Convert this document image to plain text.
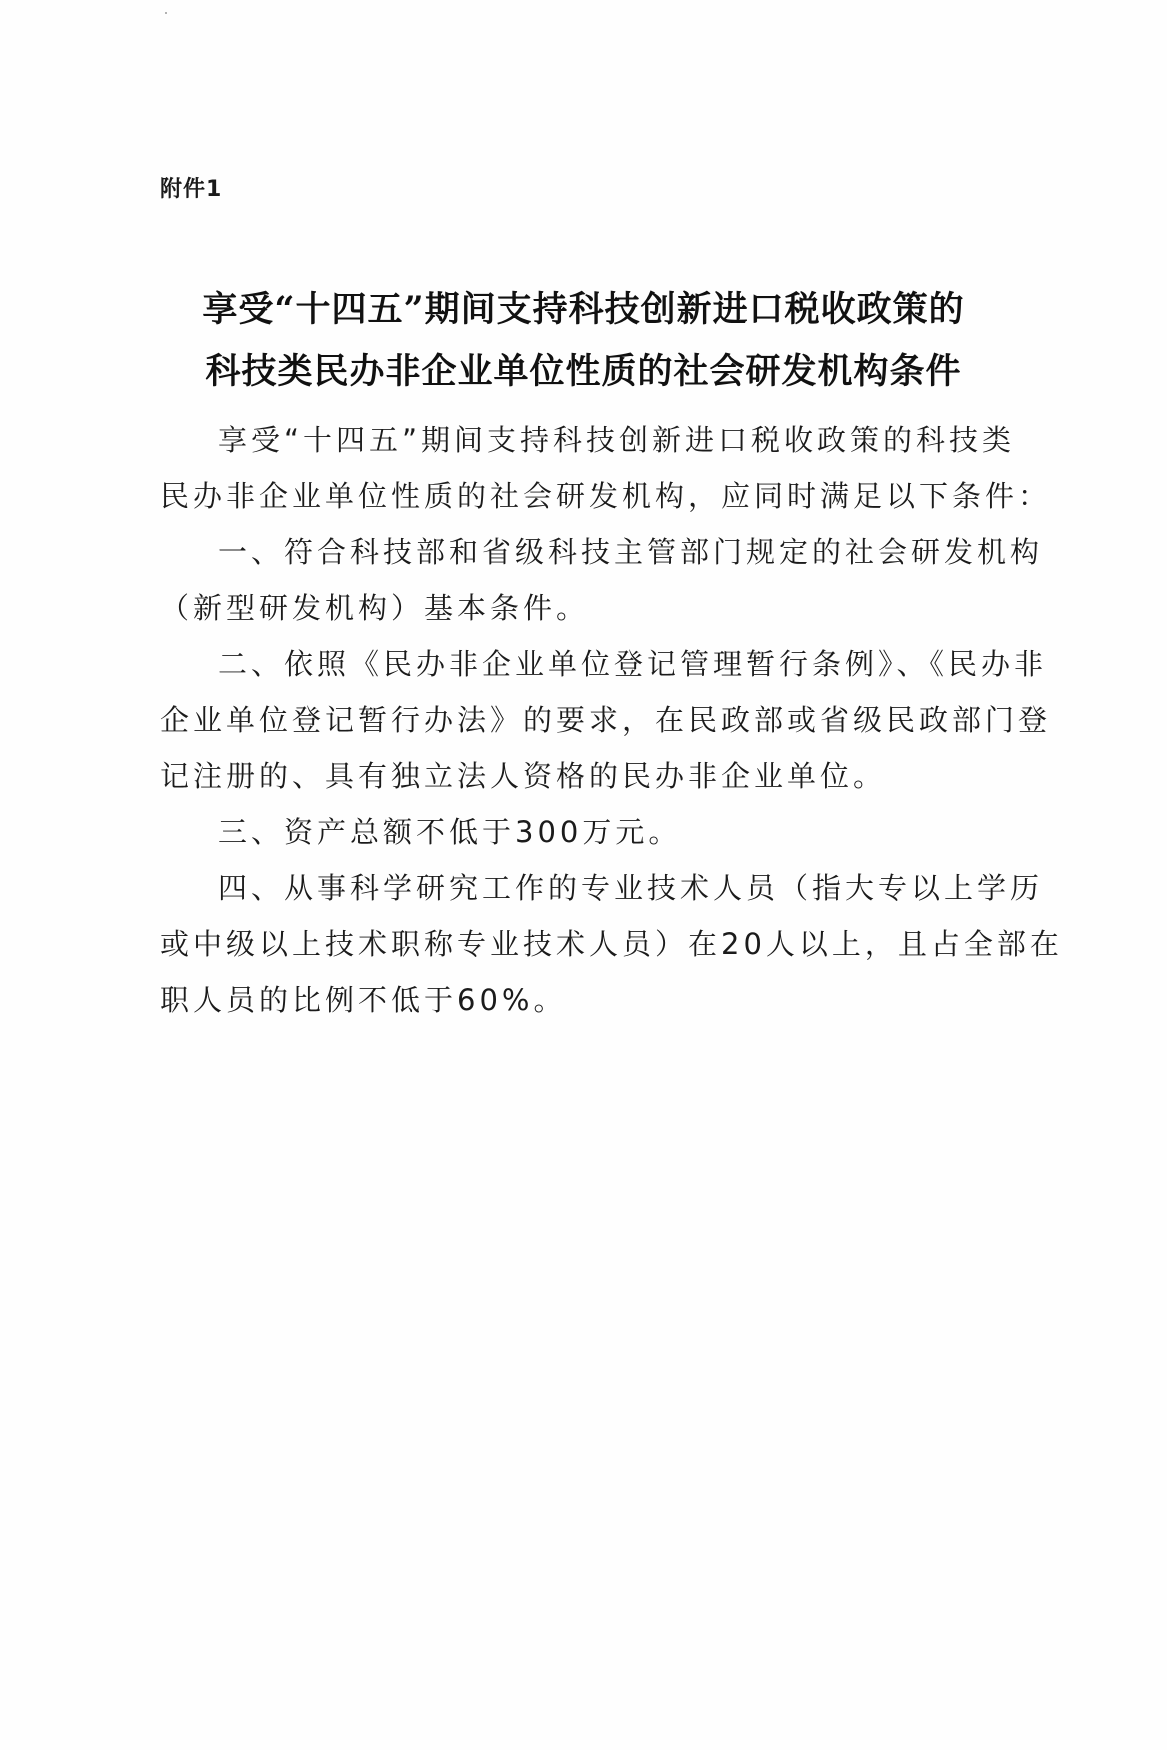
附件1
享受“十四五”期间支持科技创新进口税收政策的
科技类民办非企业单位性质的社会研发机构条件
享受“十四五”期间支持科技创新进口税收政策的科技类
民办非企业单位性质的社会研发机构，应同时满足以下条件：
一、符合科技部和省级科技主管部门规定的社会研发机构
（新型研发机构）基本条件。
二、依照《民办非企业单位登记管理暂行条例》、《民办非
企业单位登记暂行办法》的要求，在民政部或省级民政部门登
记注册的、具有独立法人资格的民办非企业单位。
三、资产总额不低于300万元。
四、从事科学研究工作的专业技术人员（指大专以上学历
或中级以上技术职称专业技术人员）在20人以上，且占全部在
职人员的比例不低于60%。
